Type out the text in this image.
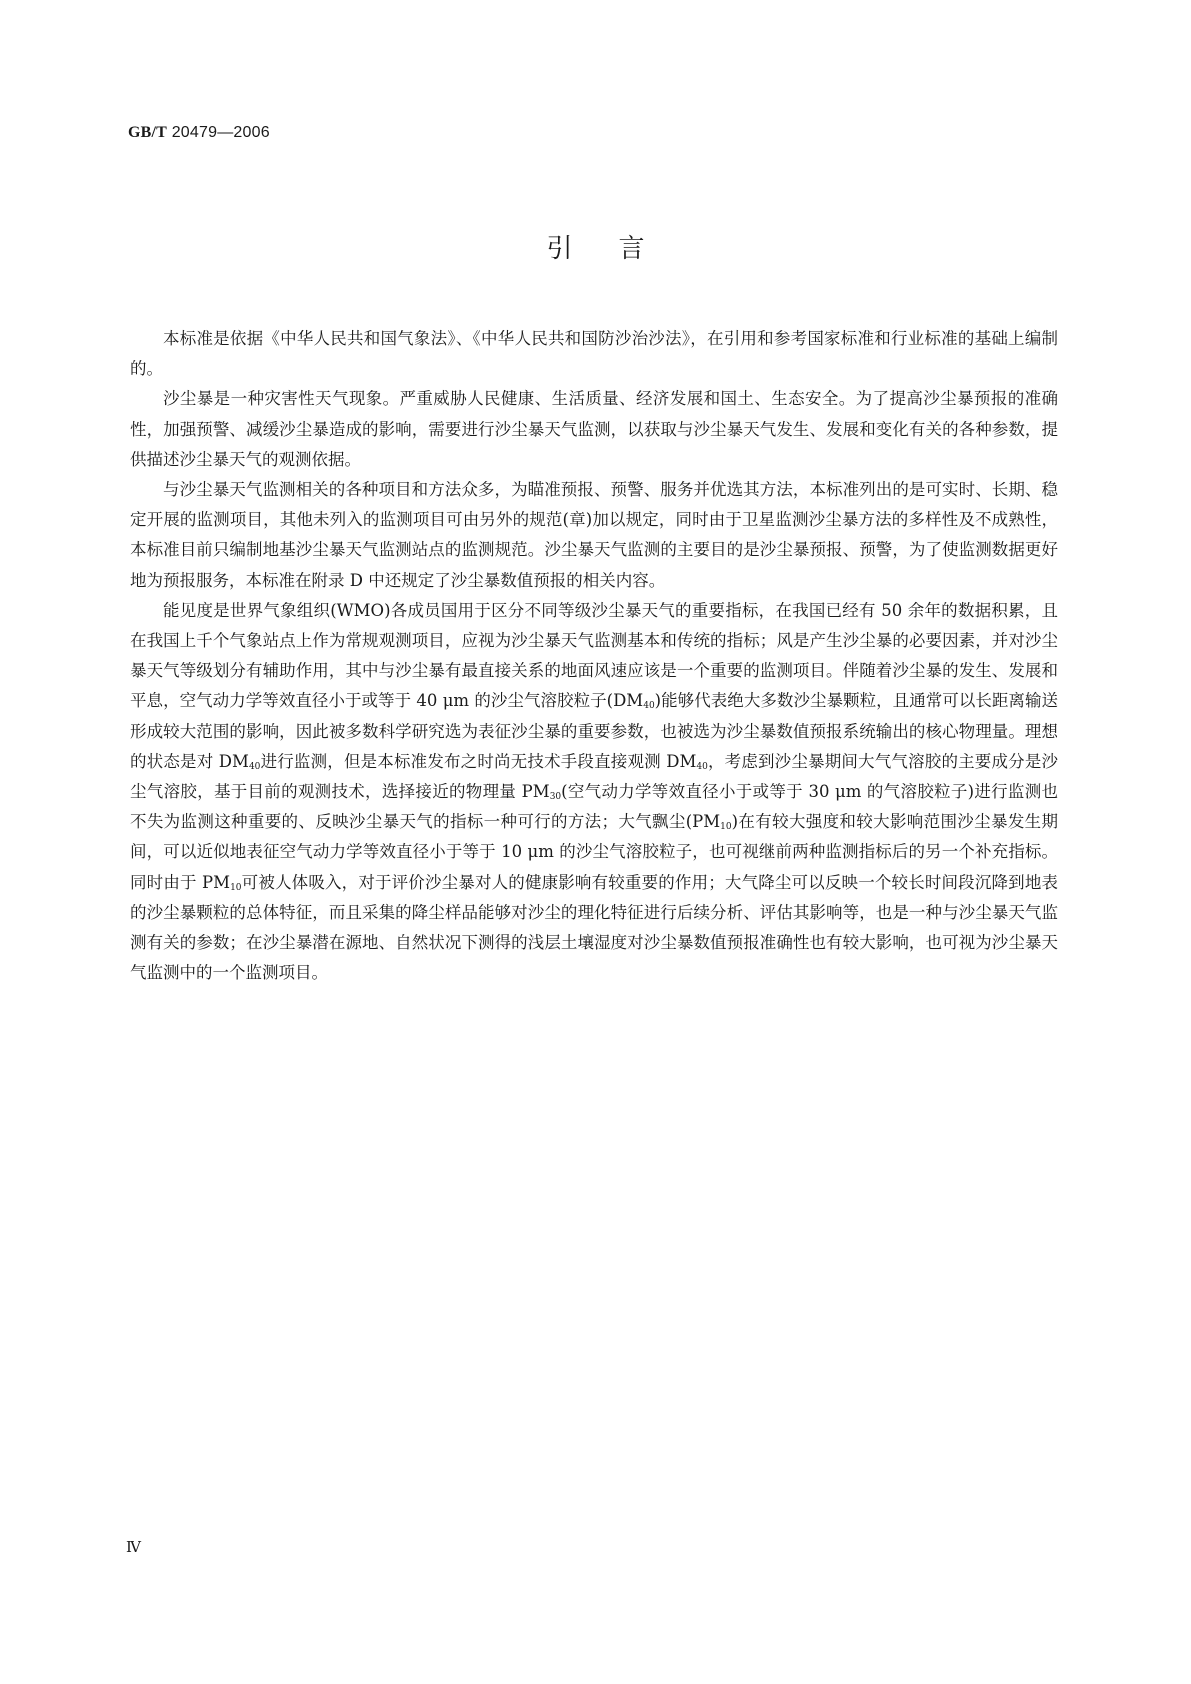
GB/T 20479—2006
引言

本标准是依据《中华人民共和国气象法》、《中华人民共和国防沙治沙法》，在引用和参考国家标准和行业标准的基础上编制的。

沙尘暴是一种灾害性天气现象。严重威胁人民健康、生活质量、经济发展和国土、生态安全。为了提高沙尘暴预报的准确性，加强预警、减缓沙尘暴造成的影响，需要进行沙尘暴天气监测，以获取与沙尘暴天气发生、发展和变化有关的各种参数，提供描述沙尘暴天气的观测依据。

与沙尘暴天气监测相关的各种项目和方法众多，为瞄准预报、预警、服务并优选其方法，本标准列出的是可实时、长期、稳定开展的监测项目，其他未列入的监测项目可由另外的规范(章)加以规定，同时由于卫星监测沙尘暴方法的多样性及不成熟性，本标准目前只编制地基沙尘暴天气监测站点的监测规范。沙尘暴天气监测的主要目的是沙尘暴预报、预警，为了使监测数据更好地为预报服务，本标准在附录 D 中还规定了沙尘暴数值预报的相关内容。

能见度是世界气象组织(WMO)各成员国用于区分不同等级沙尘暴天气的重要指标，在我国已经有 50 余年的数据积累，且在我国上千个气象站点上作为常规观测项目，应视为沙尘暴天气监测基本和传统的指标；风是产生沙尘暴的必要因素，并对沙尘暴天气等级划分有辅助作用，其中与沙尘暴有最直接关系的地面风速应该是一个重要的监测项目。伴随着沙尘暴的发生、发展和平息，空气动力学等效直径小于或等于 40 μm 的沙尘气溶胶粒子$(DM_{40})$能够代表绝大多数沙尘暴颗粒，且通常可以长距离输送形成较大范围的影响，因此被多数科学研究选为表征沙尘暴的重要参数，也被选为沙尘暴数值预报系统输出的核心物理量。理想的状态是对 $DM_{40}$进行监测，但是本标准发布之时尚无技术手段直接观测 $DM_{40}$，考虑到沙尘暴期间大气气溶胶的主要成分是沙尘气溶胶，基于目前的观测技术，选择接近的物理量 $PM_{30}$(空气动力学等效直径小于或等于 30 μm 的气溶胶粒子)进行监测也不失为监测这种重要的、反映沙尘暴天气的指标一种可行的方法；大气飘尘$(PM_{10})$在有较大强度和较大影响范围沙尘暴发生期间，可以近似地表征空气动力学等效直径小于等于 10 μm 的沙尘气溶胶粒子，也可视继前两种监测指标后的另一个补充指标。同时由于 $PM_{10}$可被人体吸入，对于评价沙尘暴对人的健康影响有较重要的作用；大气降尘可以反映一个较长时间段沉降到地表的沙尘暴颗粒的总体特征，而且采集的降尘样品能够对沙尘的理化特征进行后续分析、评估其影响等，也是一种与沙尘暴天气监测有关的参数；在沙尘暴潜在源地、自然状况下测得的浅层土壤湿度对沙尘暴数值预报准确性也有较大影响，也可视为沙尘暴天气监测中的一个监测项目。

Ⅳ
